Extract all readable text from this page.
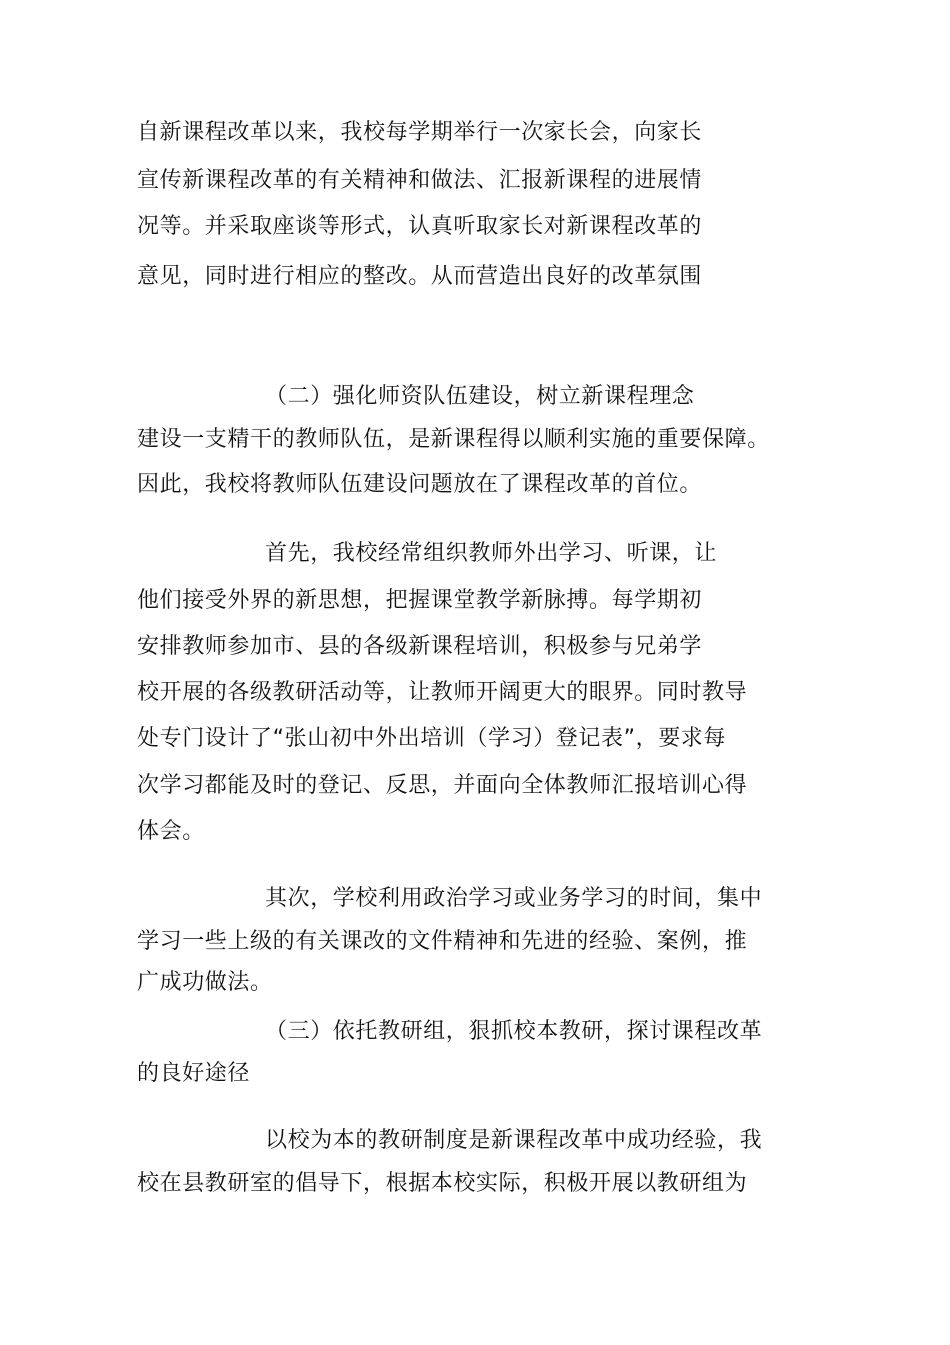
自新课程改革以来，我校每学期举行一次家长会，向家长
宣传新课程改革的有关精神和做法、汇报新课程的进展情
况等。并采取座谈等形式，认真听取家长对新课程改革的
意见，同时进行相应的整改。从而营造出良好的改革氛围
（二）强化师资队伍建设，树立新课程理念
建设一支精干的教师队伍，是新课程得以顺利实施的重要保障。
因此，我校将教师队伍建设问题放在了课程改革的首位。
首先，我校经常组织教师外出学习、听课，让
他们接受外界的新思想，把握课堂教学新脉搏。每学期初
安排教师参加市、县的各级新课程培训，积极参与兄弟学
校开展的各级教研活动等，让教师开阔更大的眼界。同时教导
处专门设计了“张山初中外出培训（学习）登记表”，要求每
次学习都能及时的登记、反思，并面向全体教师汇报培训心得
体会。
其次，学校利用政治学习或业务学习的时间，集中
学习一些上级的有关课改的文件精神和先进的经验、案例，推
广成功做法。
（三）依托教研组，狠抓校本教研，探讨课程改革
的良好途径
以校为本的教研制度是新课程改革中成功经验，我
校在县教研室的倡导下，根据本校实际，积极开展以教研组为
